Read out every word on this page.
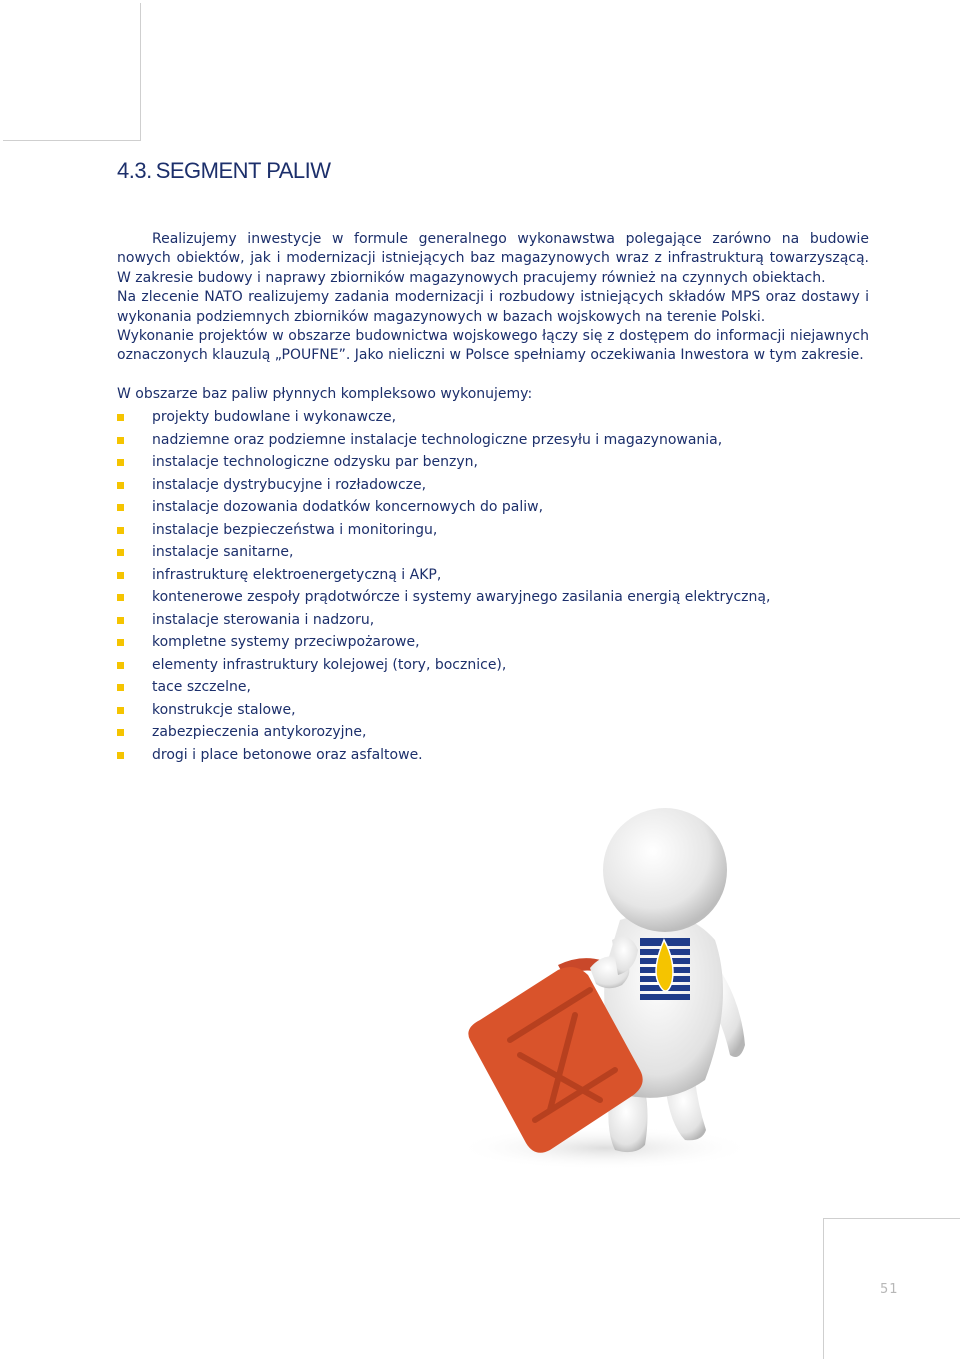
4.3. SEGMENT PALIW

Realizujemy inwestycje w formule generalnego wykonawstwa polegające zarówno na budowie nowych obiektów, jak i modernizacji istniejących baz magazynowych wraz z infrastrukturą towarzyszącą. W zakresie budowy i naprawy zbiorników magazynowych pracujemy również na czynnych obiektach.

Na zlecenie NATO realizujemy zadania modernizacji i rozbudowy istniejących składów MPS oraz dostawy i wykonania podziemnych zbiorników magazynowych w bazach wojskowych na terenie Polski.

Wykonanie projektów w obszarze budownictwa wojskowego łączy się z dostępem do informacji niejawnych oznaczonych klauzulą „POUFNE”. Jako nieliczni w Polsce spełniamy oczekiwania Inwestora w tym zakresie.

W obszarze baz paliw płynnych kompleksowo wykonujemy:

projekty budowlane i wykonawcze,
nadziemne oraz podziemne instalacje technologiczne przesyłu i magazynowania,
instalacje technologiczne odzysku par benzyn,
instalacje dystrybucyjne i rozładowcze,
instalacje dozowania dodatków koncernowych do paliw,
instalacje bezpieczeństwa i monitoringu,
instalacje sanitarne,
infrastrukturę elektroenergetyczną i AKP,
kontenerowe zespoły prądotwórcze i systemy awaryjnego zasilania energią elektryczną,
instalacje sterowania i nadzoru,
kompletne systemy przeciwpożarowe,
elementy infrastruktury kolejowej (tory, bocznice),
tace szczelne,
konstrukcje stalowe,
zabezpieczenia antykorozyjne,
drogi i place betonowe oraz asfaltowe.
51
